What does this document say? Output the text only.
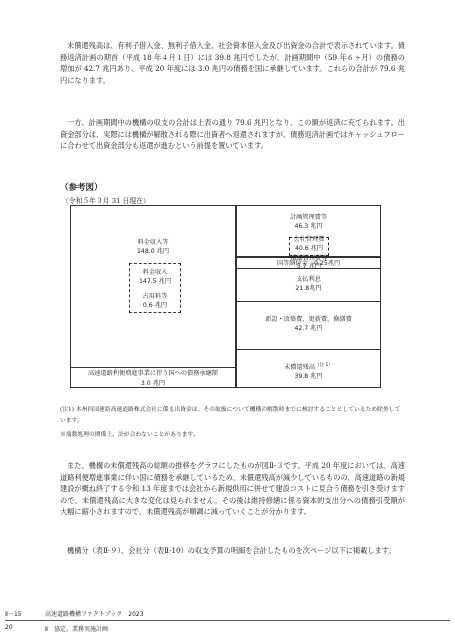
未償還残高は、有利子借入金、無利子借入金、社会資本借入金及び出資金の合計で表示されています。債務返済計画の期首（平成 18 年４月１日）には 39.8 兆円でしたが、計画期間中（59 年６ヶ月）の債務の増加が 42.7 兆円あり、平成 20 年度には 3.0 兆円の債務を国に承継しています。これらの合計が 79.6 兆円になります。

一方、計画期間中の機構の収支の合計は上表の通り 79.6 兆円となり、この額が返済に充てられます。出資金部分は、実際には機構が解散される際に出資者へ返還されますが、債務返済計画ではキャッシュフローに合わせて出資金部分も返還が進むという前提を置いています。

（参考図）
（令和５年３月 31 日現在）
料金収入等
148.0 兆円
料金収入
147.5 兆円
占用料等
0.6 兆円
高速道路利便増進事業に伴う国への債務承継額
3.0 兆円
計画管理費等
46.3 兆円
会社管理費
40.6 兆円
国等納付金　 0.25兆円
支払利息
21.8兆円
新設・改築費、更新費、修繕費
42.7 兆円
未償還残高$^{(注 1)}$
39.8 兆円

(注1) 本州四国連絡高速道路株式会社に係る出資金は、その取扱について機構の解散時までに検討することとしているため除外しています。

※端数処理の関係上、計が合わないことがあります。

また、機構の未償還残高の総額の推移をグラフにしたものが図Ⅱ-３です。平成 20 年度においては、高速道路利便増進事業に伴い国に債務を承継しているため、未償還残高が減少しているものの、高速道路の新規建設が概ね終了する令和 13 年度までは会社から新規供用に併せて建設コストに見合う債務を引き受けますので、未償還残高に大きな変化は見られません。その後は維持修繕に係る資本的支出分への債務引受額が大幅に縮小されますので、未償還残高が順調に減っていくことが分かります。

機構分（表Ⅱ-９）、会社分（表Ⅱ-10）の収支予算の明細を合計したものを次ページ以下に掲載します。

Ⅱ－15	高速道路機構ファクトブック　2023
20	Ⅱ　協定、業務実施計画
機構管理費等
5.7 兆円
